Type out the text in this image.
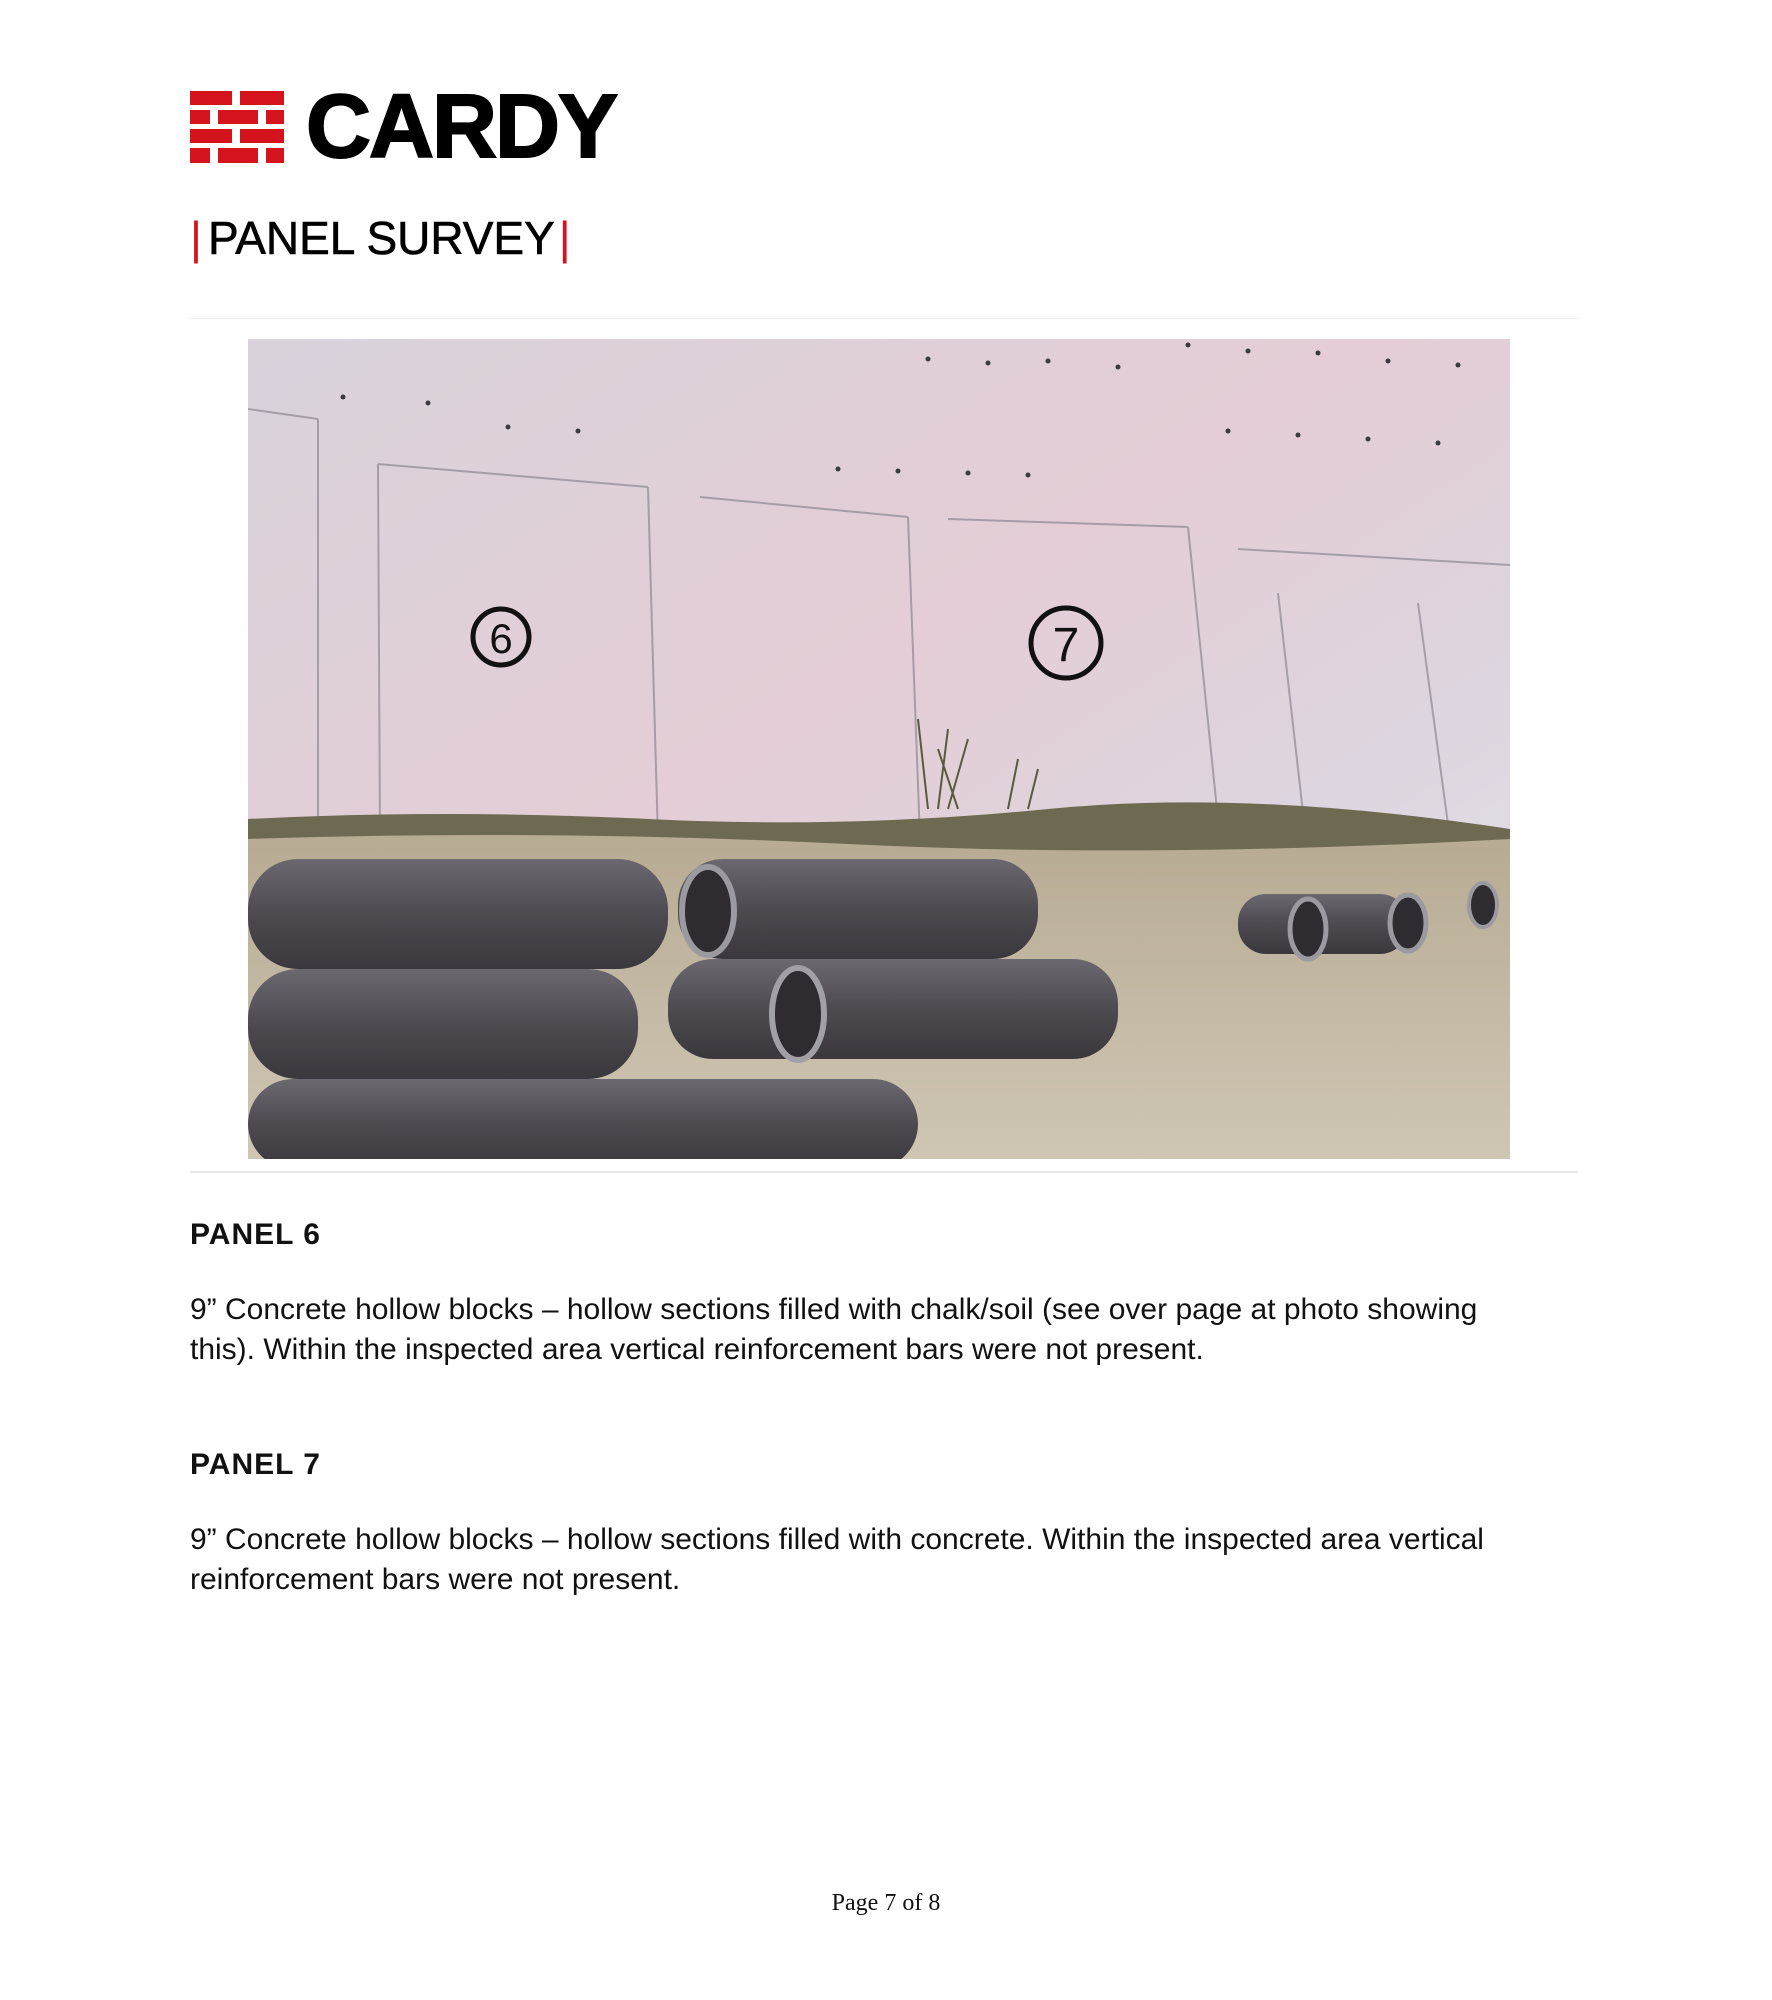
CARDY
| PANEL SURVEY |
6	7
PANEL 6
9” Concrete hollow blocks – hollow sections filled with chalk/soil (see over page at photo showing
this). Within the inspected area vertical reinforcement bars were not present.
PANEL 7
9” Concrete hollow blocks – hollow sections filled with concrete. Within the inspected area vertical
reinforcement bars were not present.
Page 7 of 8
